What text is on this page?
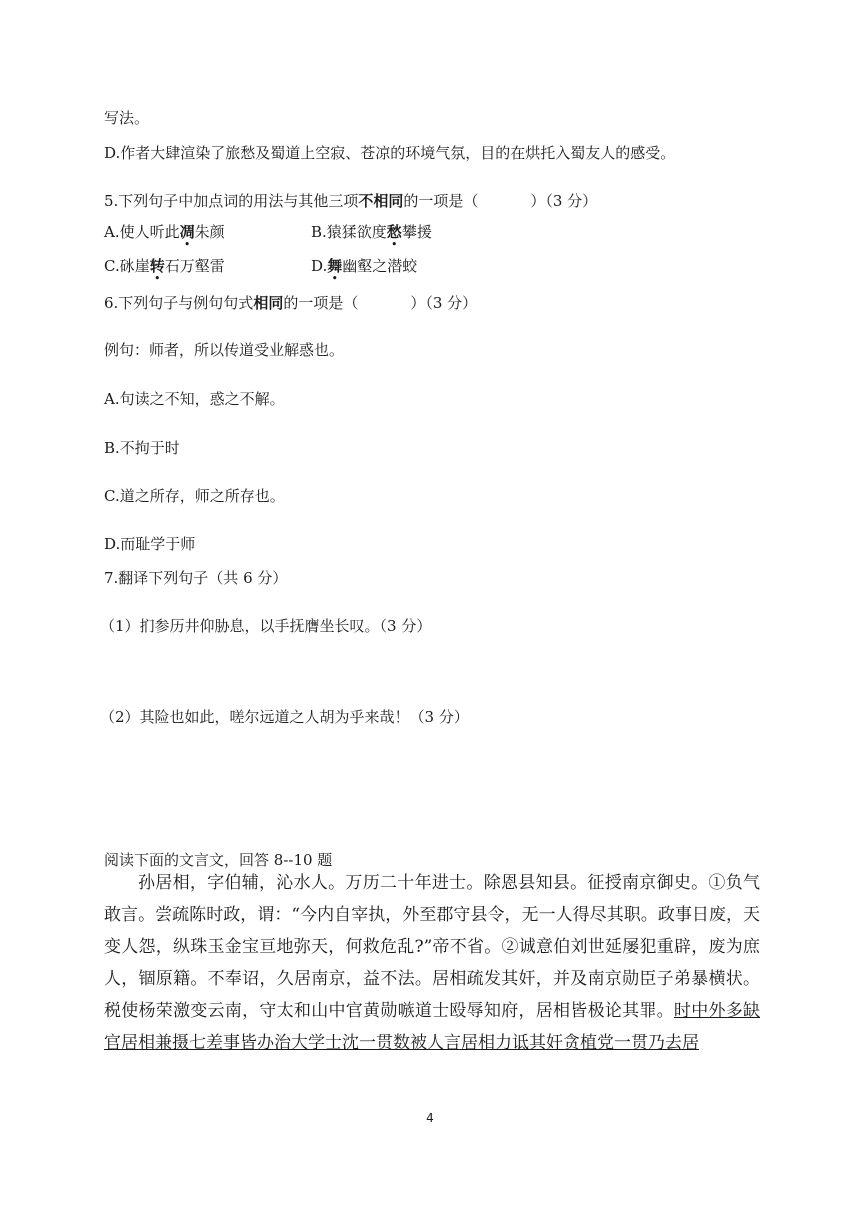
写法。
D.作者大肆渲染了旅愁及蜀道上空寂、苍凉的环境气氛，目的在烘托入蜀友人的感受。
5.下列句子中加点词的用法与其他三项不相同的一项是（	）（3 分）
A.使人听此凋朱颜	B.猿猱欲度愁攀援
C.砯崖转石万壑雷	D.舞幽壑之潜蛟
6.下列句子与例句句式相同的一项是（	）（3 分）
例句：师者，所以传道受业解惑也。
A.句读之不知，惑之不解。
B.不拘于时
C.道之所存，师之所存也。
D.而耻学于师
7.翻译下列句子（共 6 分）
（1）扪参历井仰胁息，以手抚膺坐长叹。（3 分）
（2）其险也如此，嗟尔远道之人胡为乎来哉！（3 分）
阅读下面的文言文，回答 8--10 题

孙居相，字伯辅，沁水人。万历二十年进士。除恩县知县。征授南京御史。①负气敢言。尝疏陈时政，谓：“今内自宰执，外至郡守县令，无一人得尽其职。政事日废，天变人怨，纵珠玉金宝亘地弥天，何救危乱?”帝不省。②诚意伯刘世延屡犯重辟，废为庶人，锢原籍。不奉诏，久居南京，益不法。居相疏发其奸，并及南京勋臣子弟暴横状。税使杨荣激变云南，守太和山中官黄勋嗾道士殴辱知府，居相皆极论其罪。时中外多缺官居相兼摄七差事皆办治大学士沈一贯数被人言居相力诋其奸贪植党一贯乃去居

4
